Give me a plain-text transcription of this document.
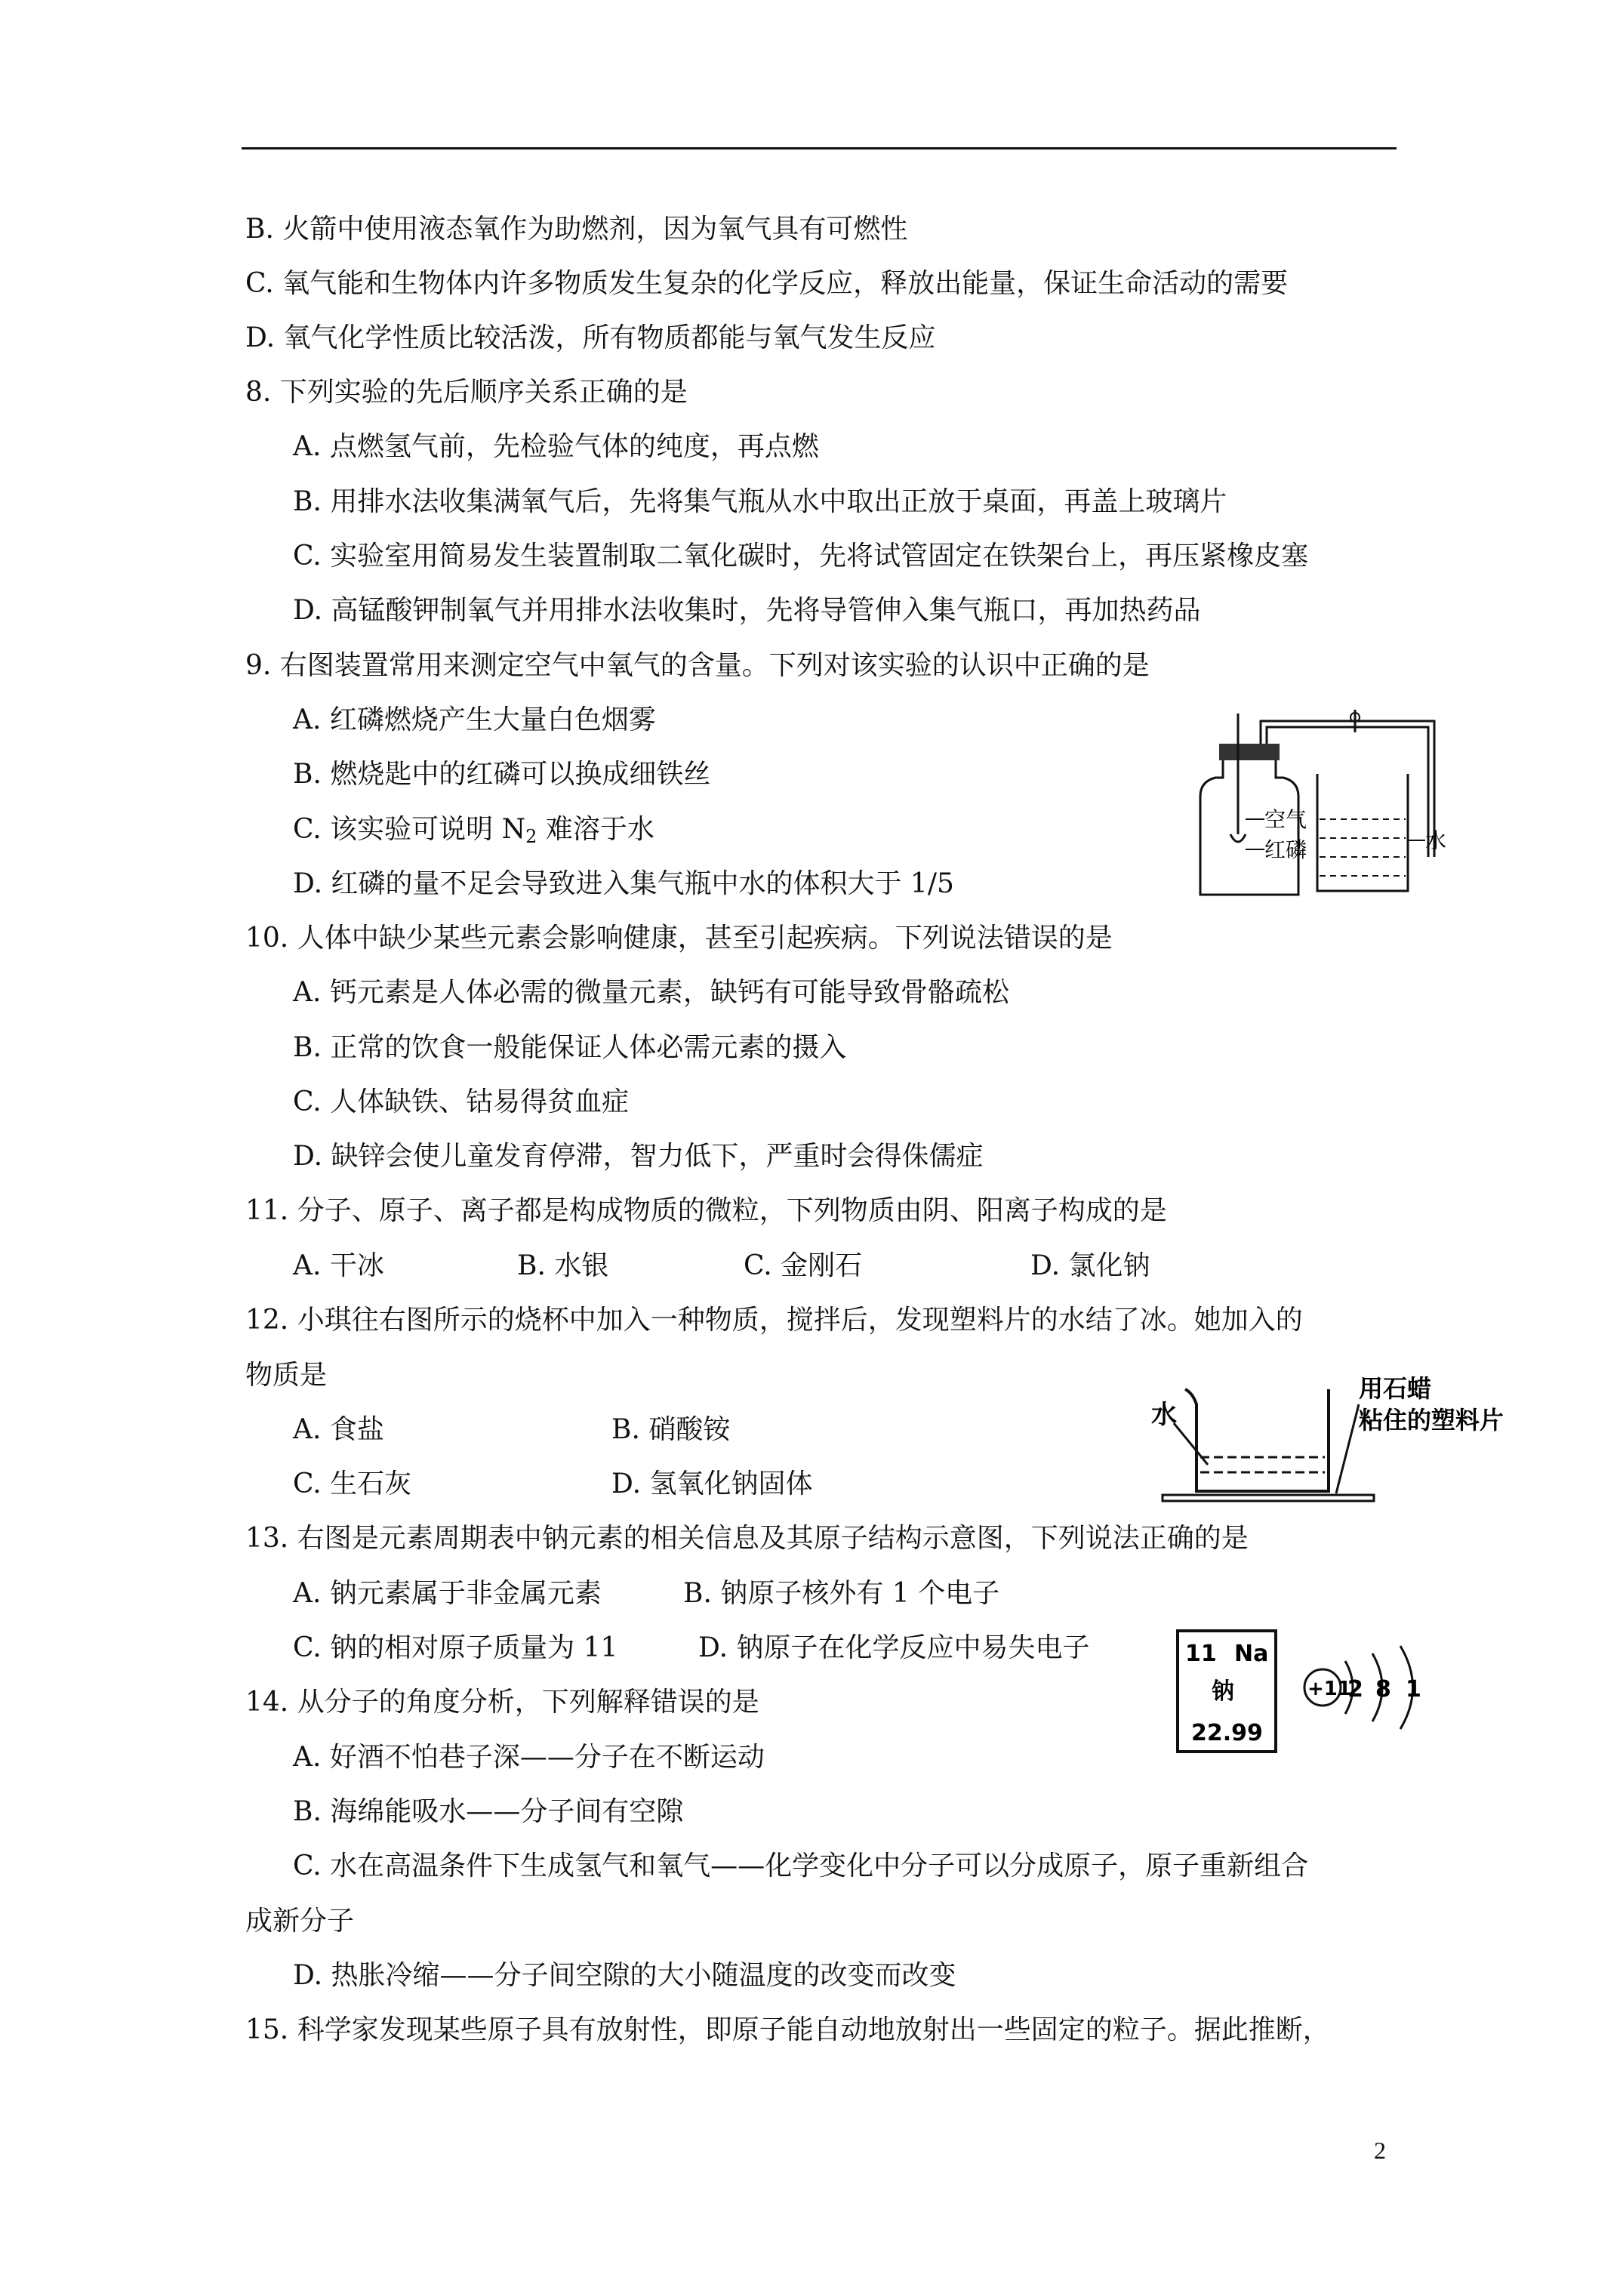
B. 火箭中使用液态氧作为助燃剂，因为氧气具有可燃性
C. 氧气能和生物体内许多物质发生复杂的化学反应，释放出能量，保证生命活动的需要
D. 氧气化学性质比较活泼，所有物质都能与氧气发生反应
8. 下列实验的先后顺序关系正确的是
A. 点燃氢气前，先检验气体的纯度，再点燃
B. 用排水法收集满氧气后，先将集气瓶从水中取出正放于桌面，再盖上玻璃片
C. 实验室用简易发生装置制取二氧化碳时，先将试管固定在铁架台上，再压紧橡皮塞
D. 高锰酸钾制氧气并用排水法收集时，先将导管伸入集气瓶口，再加热药品
9. 右图装置常用来测定空气中氧气的含量。下列对该实验的认识中正确的是
A. 红磷燃烧产生大量白色烟雾
B. 燃烧匙中的红磷可以换成细铁丝
C. 该实验可说明 $N_2$ 难溶于水
D. 红磷的量不足会导致进入集气瓶中水的体积大于 1/5
空气
红磷	水
10. 人体中缺少某些元素会影响健康，甚至引起疾病。下列说法错误的是
A. 钙元素是人体必需的微量元素，缺钙有可能导致骨骼疏松
B. 正常的饮食一般能保证人体必需元素的摄入
C. 人体缺铁、钴易得贫血症
D. 缺锌会使儿童发育停滞，智力低下，严重时会得侏儒症
11. 分子、原子、离子都是构成物质的微粒，下列物质由阴、阳离子构成的是
A. 干冰	B. 水银	C. 金刚石	D. 氯化钠
12. 小琪往右图所示的烧杯中加入一种物质，搅拌后，发现塑料片的水结了冰。她加入的
物质是
A. 食盐	B. 硝酸铵
C. 生石灰	D. 氢氧化钠固体
水
用石蜡
粘住的塑料片
13. 右图是元素周期表中钠元素的相关信息及其原子结构示意图，下列说法正确的是
A. 钠元素属于非金属元素	B. 钠原子核外有 1 个电子
C. 钠的相对原子质量为 11	D. 钠原子在化学反应中易失电子	11 Na
钠
22.99
+11
2 8 1
14. 从分子的角度分析，下列解释错误的是
A. 好酒不怕巷子深——分子在不断运动
B. 海绵能吸水——分子间有空隙
C. 水在高温条件下生成氢气和氧气——化学变化中分子可以分成原子，原子重新组合
成新分子
D. 热胀冷缩——分子间空隙的大小随温度的改变而改变
15. 科学家发现某些原子具有放射性，即原子能自动地放射出一些固定的粒子。据此推断，
2
